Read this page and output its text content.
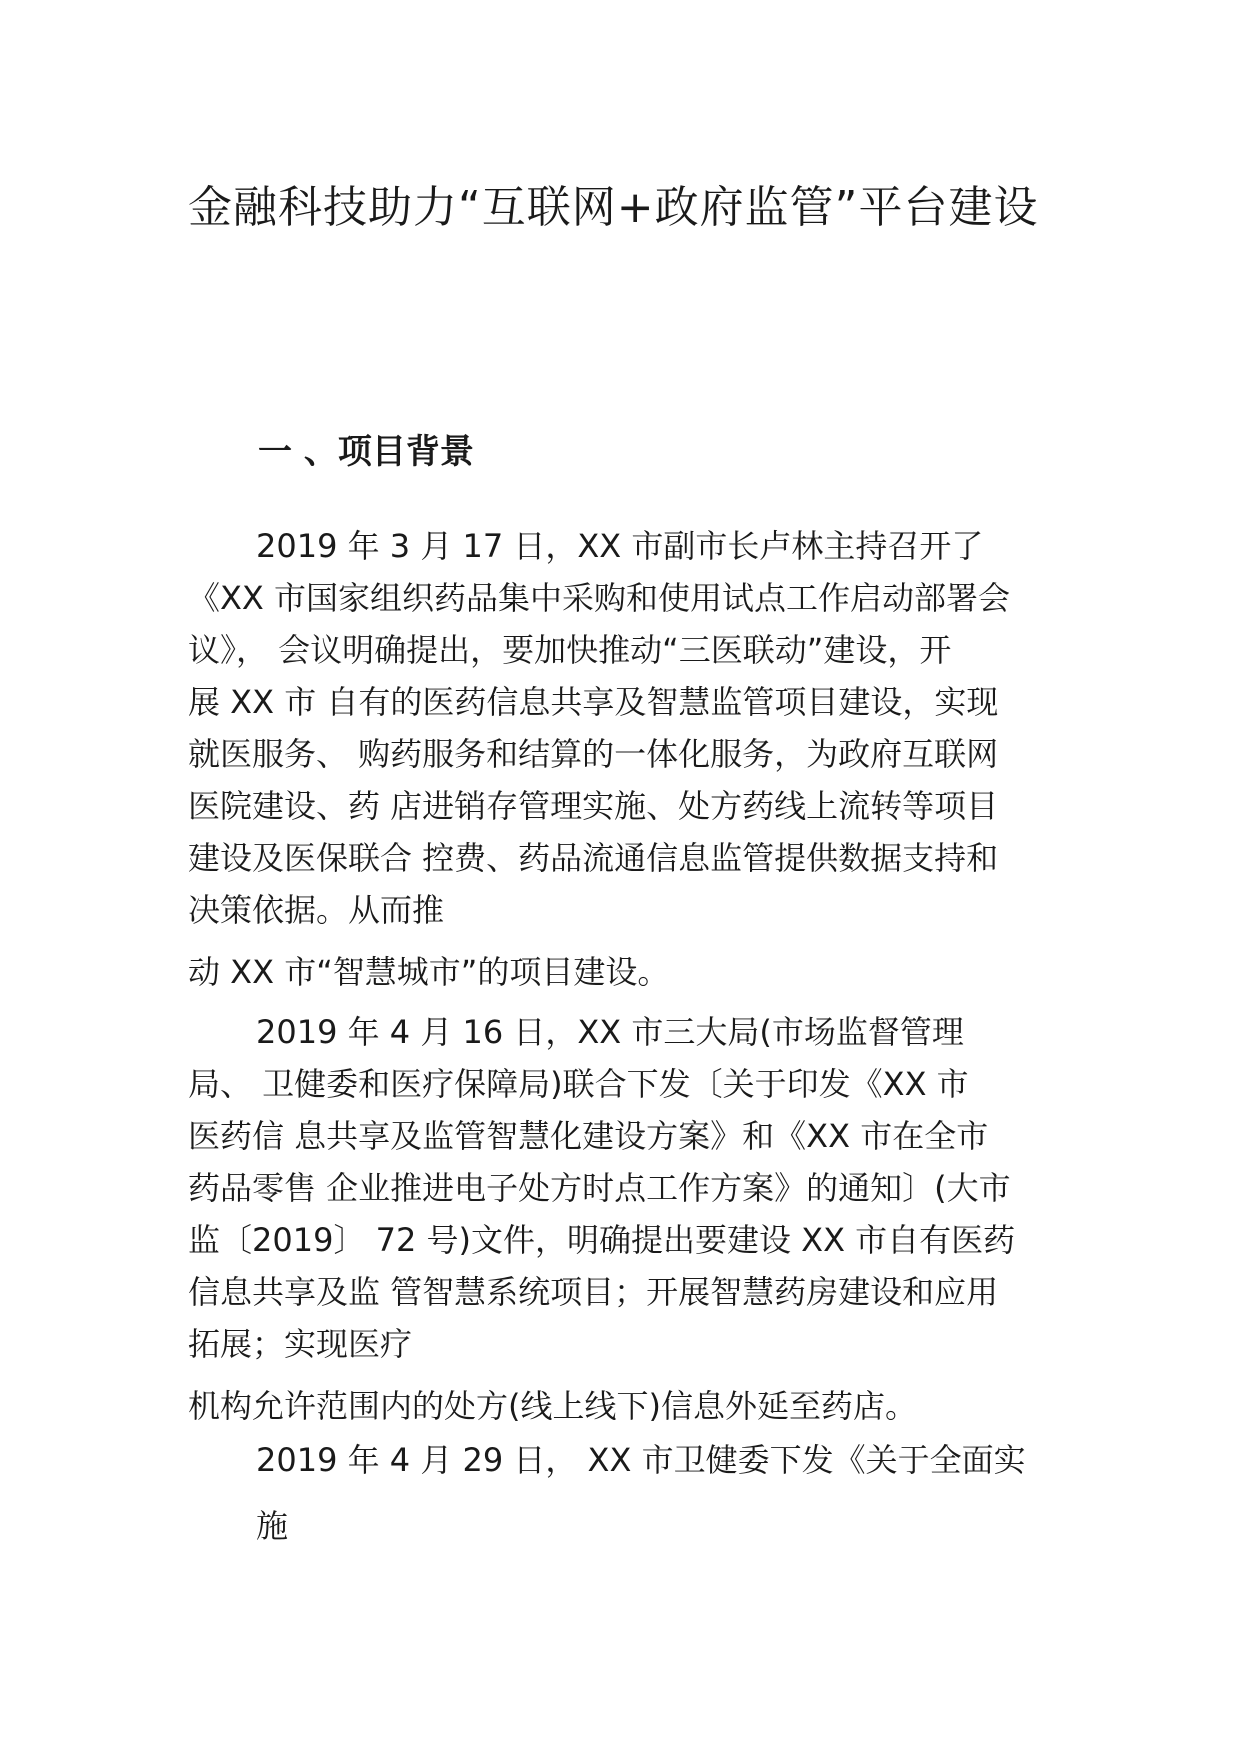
金融科技助力“互联网+政府监管”平台建设
一 、项目背景

2019 年 3 月 17 日，XX 市副市长卢林主持召开了

《XX 市国家组织药品集中采购和使用试点工作启动部署会

议》， 会议明确提出，要加快推动“三医联动”建设，开

展 XX 市 自有的医药信息共享及智慧监管项目建设，实现

就医服务、 购药服务和结算的一体化服务，为政府互联网

医院建设、药 店进销存管理实施、处方药线上流转等项目

建设及医保联合 控费、药品流通信息监管提供数据支持和

决策依据。从而推

动 XX 市“智慧城市”的项目建设。

2019 年 4 月 16 日，XX 市三大局(市场监督管理

局、 卫健委和医疗保障局)联合下发〔关于印发《XX 市

医药信 息共享及监管智慧化建设方案》和《XX 市在全市

药品零售 企业推进电子处方时点工作方案》的通知〕(大市

监〔2019〕 72 号)文件，明确提出要建设 XX 市自有医药

信息共享及监 管智慧系统项目；开展智慧药房建设和应用

拓展；实现医疗

机构允许范围内的处方(线上线下)信息外延至药店。

2019 年 4 月 29 日， XX 市卫健委下发《关于全面实

施
